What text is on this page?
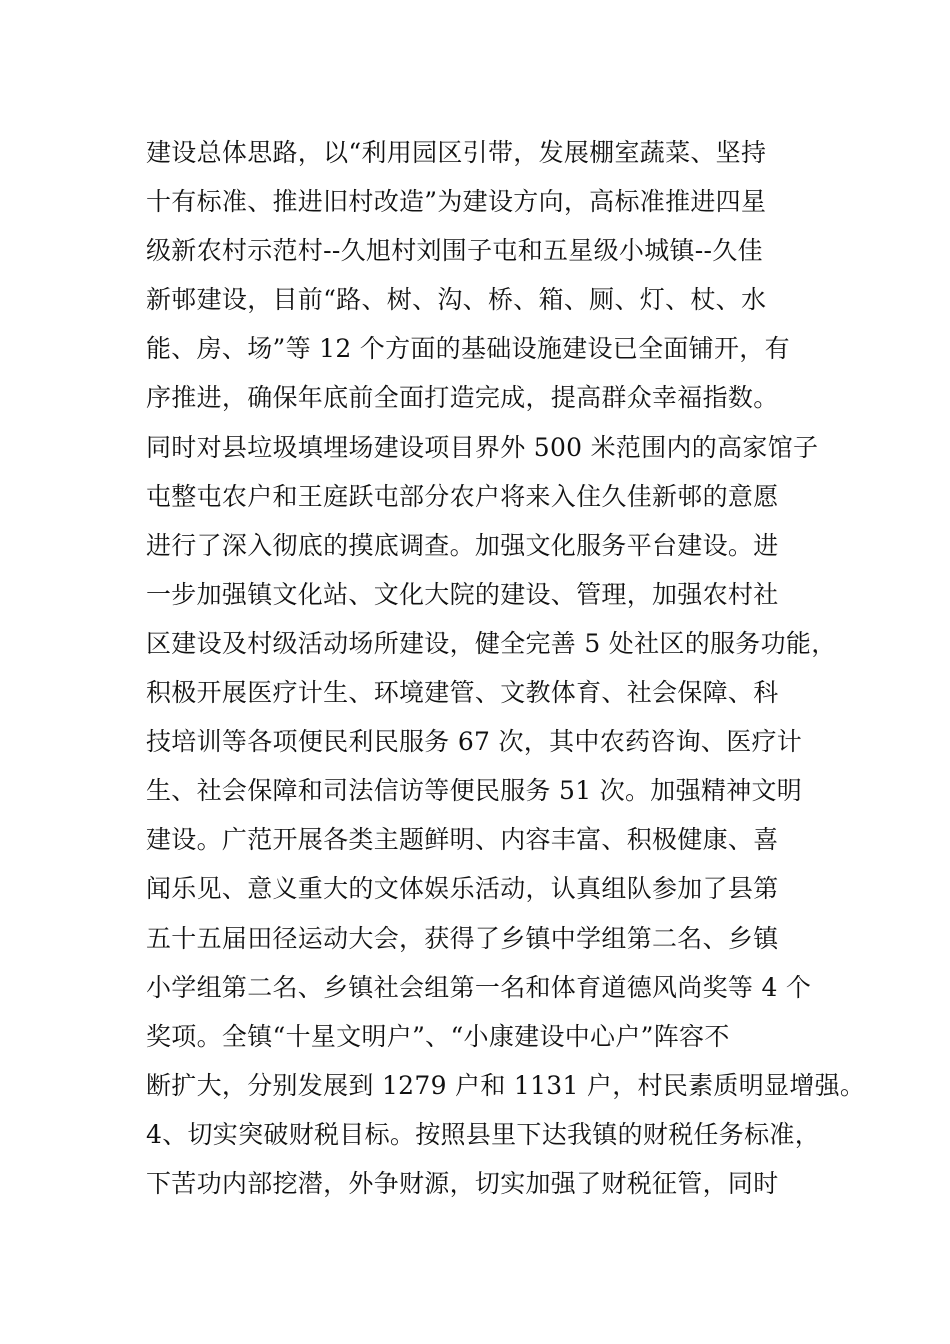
建设总体思路，以“利用园区引带，发展棚室蔬菜、坚持
十有标准、推进旧村改造”为建设方向，高标准推进四星
级新农村示范村--久旭村刘围子屯和五星级小城镇--久佳
新邨建设，目前“路、树、沟、桥、箱、厕、灯、杖、水
能、房、场”等 12 个方面的基础设施建设已全面铺开，有
序推进，确保年底前全面打造完成，提高群众幸福指数。
同时对县垃圾填埋场建设项目界外 500 米范围内的高家馆子
屯整屯农户和王庭跃屯部分农户将来入住久佳新邨的意愿
进行了深入彻底的摸底调查。加强文化服务平台建设。进
一步加强镇文化站、文化大院的建设、管理，加强农村社
区建设及村级活动场所建设，健全完善 5 处社区的服务功能，
积极开展医疗计生、环境建管、文教体育、社会保障、科
技培训等各项便民利民服务 67 次，其中农药咨询、医疗计
生、社会保障和司法信访等便民服务 51 次。加强精神文明
建设。广范开展各类主题鲜明、内容丰富、积极健康、喜
闻乐见、意义重大的文体娱乐活动，认真组队参加了县第
五十五届田径运动大会，获得了乡镇中学组第二名、乡镇
小学组第二名、乡镇社会组第一名和体育道德风尚奖等 4 个
奖项。全镇“十星文明户”、“小康建设中心户”阵容不
断扩大，分别发展到 1279 户和 1131 户，村民素质明显增强。
4、切实突破财税目标。按照县里下达我镇的财税任务标准，
下苦功内部挖潜，外争财源，切实加强了财税征管，同时
